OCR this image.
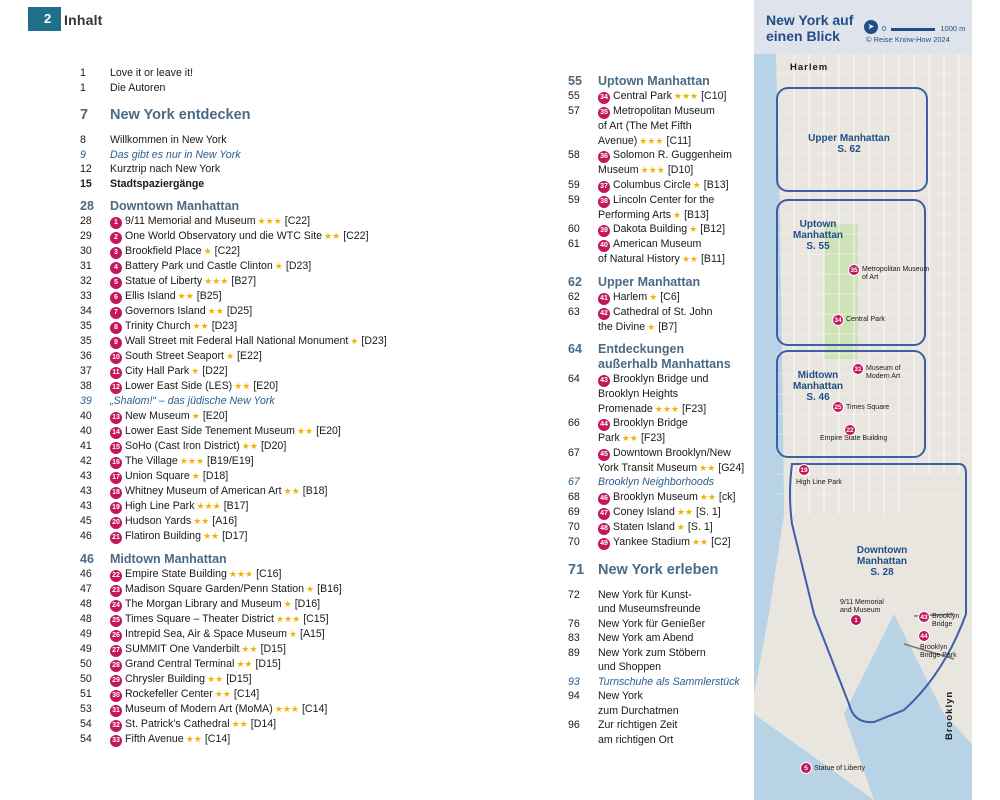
2 Inhalt
1	Love it or leave it!
1	Die Autoren
7	New York entdecken
8	Willkommen in New York
9	Das gibt es nur in New York
12	Kurztrip nach New York
15	Stadtspaziergänge
28	Downtown Manhattan
28	1 9/11 Memorial and Museum ★★★ [C22]
29	2 One World Observatory und die WTC Site ★★ [C22]
30	3 Brookfield Place ★ [C22]
31	4 Battery Park und Castle Clinton ★ [D23]
32	5 Statue of Liberty ★★★ [B27]
33	6 Ellis Island ★★ [B25]
34	7 Governors Island ★★ [D25]
35	8 Trinity Church ★★ [D23]
35	9 Wall Street mit Federal Hall National Monument ★ [D23]
36	10 South Street Seaport ★ [E22]
37	11 City Hall Park ★ [D22]
38	12 Lower East Side (LES) ★★ [E20]
39	„Shalom!“ – das jüdische New York
40	13 New Museum ★ [E20]
40	14 Lower East Side Tenement Museum ★★ [E20]
41	15 SoHo (Cast Iron District) ★★ [D20]
42	16 The Village ★★★ [B19/E19]
43	17 Union Square ★ [D18]
43	18 Whitney Museum of American Art ★★ [B18]
43	19 High Line Park ★★★ [B17]
45	20 Hudson Yards ★★ [A16]
46	21 Flatiron Building ★★ [D17]
46	Midtown Manhattan
46	22 Empire State Building ★★★ [C16]
47	23 Madison Square Garden/Penn Station ★ [B16]
48	24 The Morgan Library and Museum ★ [D16]
48	25 Times Square – Theater District ★★★ [C15]
49	26 Intrepid Sea, Air & Space Museum ★ [A15]
49	27 SUMMIT One Vanderbilt ★★ [D15]
50	28 Grand Central Terminal ★★ [D15]
50	29 Chrysler Building ★★ [D15]
51	30 Rockefeller Center ★★ [C14]
53	31 Museum of Modern Art (MoMA) ★★★ [C14]
54	32 St. Patrick’s Cathedral ★★ [D14]
54	33 Fifth Avenue ★★ [C14]
55	Uptown Manhattan
55	34 Central Park ★★★ [C10]
57	35 Metropolitan Museum
of Art (The Met Fifth
Avenue) ★★★ [C11]
58	36 Solomon R. Guggenheim
Museum ★★★ [D10]
59	37 Columbus Circle ★ [B13]
59	38 Lincoln Center for the
Performing Arts ★ [B13]
60	39 Dakota Building ★ [B12]
61	40 American Museum
of Natural History ★★ [B11]
62	Upper Manhattan
62	41 Harlem ★ [C6]
63	42 Cathedral of St. John
the Divine ★ [B7]
64	Entdeckungen
außerhalb Manhattans
64	43 Brooklyn Bridge und
Brooklyn Heights
Promenade ★★★ [F23]
66	44 Brooklyn Bridge
Park ★★ [F23]
67	45 Downtown Brooklyn/New
York Transit Museum ★★ [G24]
67	Brooklyn Neighborhoods
68	46 Brooklyn Museum ★★ [ck]
69	47 Coney Island ★★ [S. 1]
70	48 Staten Island ★ [S. 1]
70	49 Yankee Stadium ★★ [C2]
71 New York erleben
72	New York für Kunst-
und Museumsfreunde
76	New York für Genießer
83	New York am Abend
89	New York zum Stöbern
und Shoppen
93	Turnschuhe als Sammlerstück
94	New York
zum Durchatmen
96	Zur richtigen Zeit
am richtigen Ort
New York auf einen Blick
➤	0	1000 m
© Reise Know-How 2024
Harlem
Upper Manhattan
S. 62
Uptown Manhattan
S. 55
35 Metropolitan Museum of Art
34 Central Park
Midtown Manhattan
S. 46
31 Museum of Modern Art
25 Times Square
22
Empire State Building
19
High Line Park
Downtown Manhattan
S. 28
9/11 Memorial and Museum
1	43 Brooklyn Bridge
44
Brooklyn Bridge Park
Brooklyn
5 Statue of Liberty
